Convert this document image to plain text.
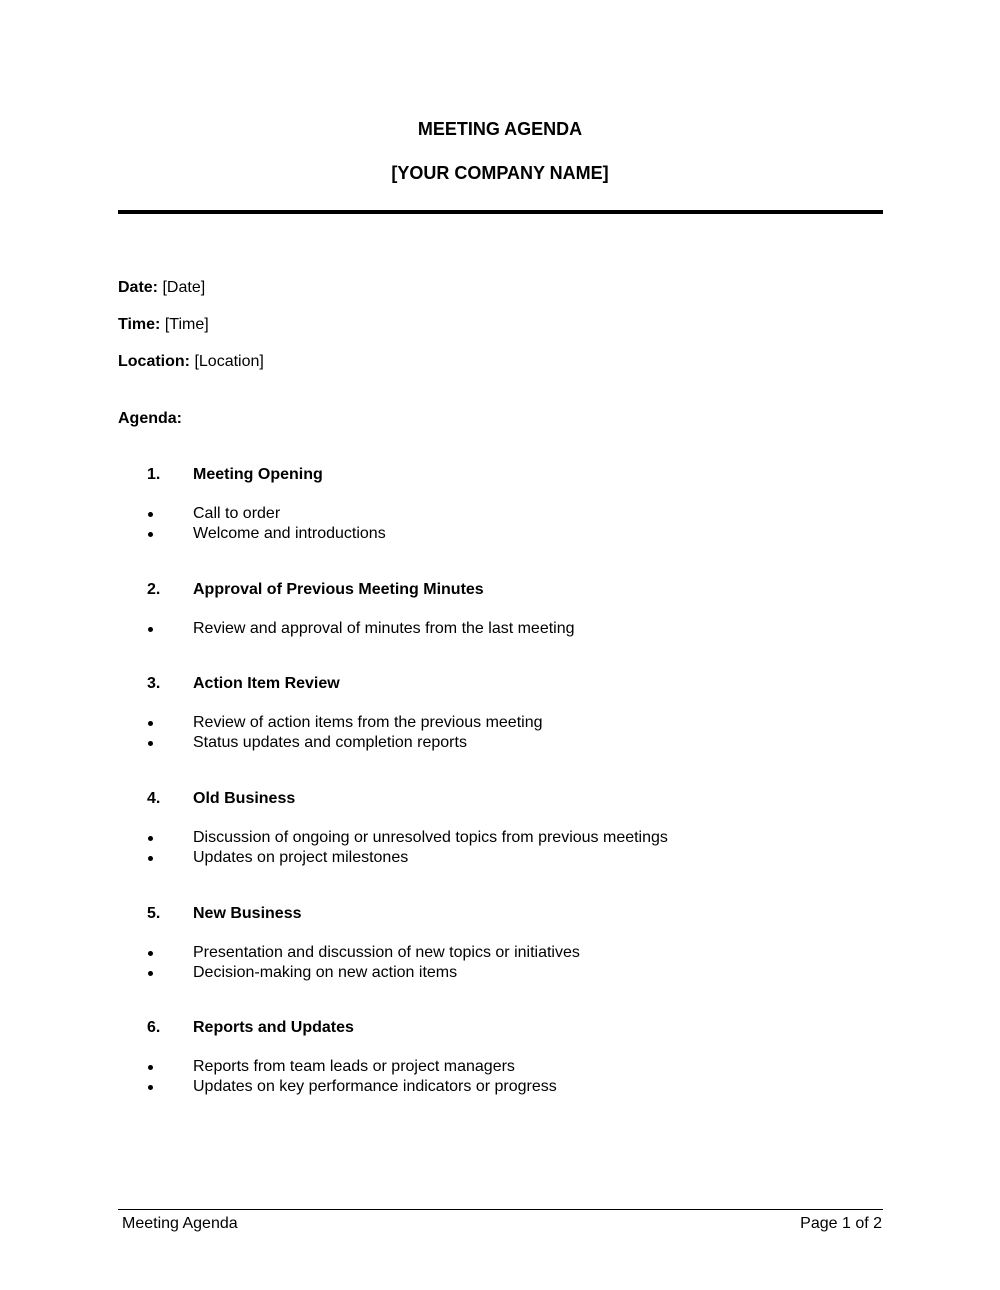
MEETING AGENDA
[YOUR COMPANY NAME]
Date: [Date]
Time: [Time]
Location: [Location]
Agenda:
1. Meeting Opening
Call to order
Welcome and introductions
2. Approval of Previous Meeting Minutes
Review and approval of minutes from the last meeting
3. Action Item Review
Review of action items from the previous meeting
Status updates and completion reports
4. Old Business
Discussion of ongoing or unresolved topics from previous meetings
Updates on project milestones
5. New Business
Presentation and discussion of new topics or initiatives
Decision-making on new action items
6. Reports and Updates
Reports from team leads or project managers
Updates on key performance indicators or progress
Meeting Agenda	Page 1 of 2
